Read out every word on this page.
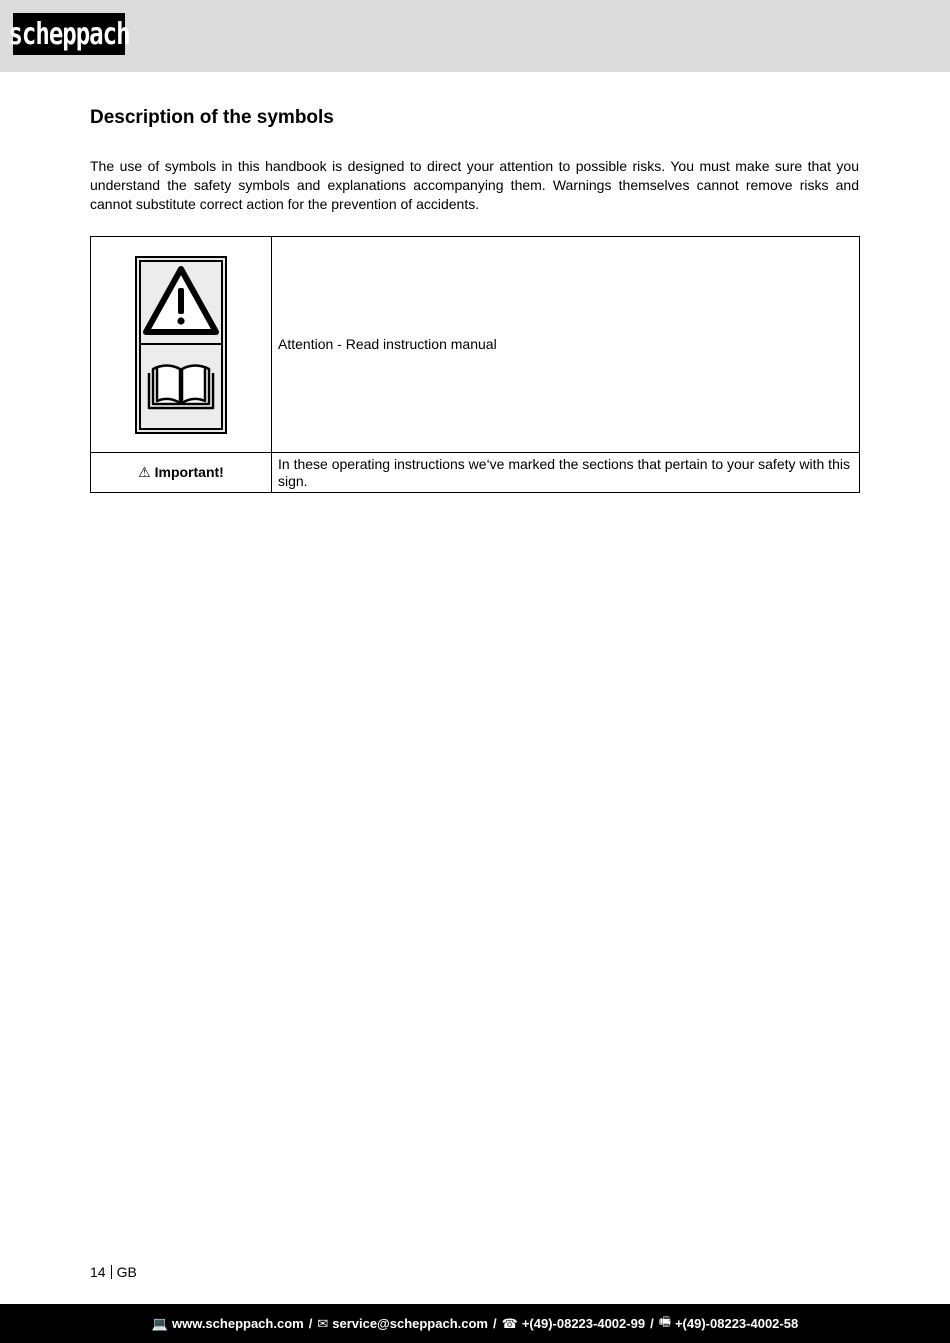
scheppach
Description of the symbols

The use of symbols in this handbook is designed to direct your attention to possible risks. You must make sure that you understand the safety symbols and explanations accompanying them. Warnings themselves cannot remove risks and cannot substitute correct action for the prevention of accidents.

	Attention - Read instruction manual
⚠ Important!	In these operating instructions we‘ve marked the sections that pertain to your safety with this sign.
14 GB
💻 www.scheppach.com / ✉ service@scheppach.com / ☎ +(49)-08223-4002-99 / 🖷 +(49)-08223-4002-58
